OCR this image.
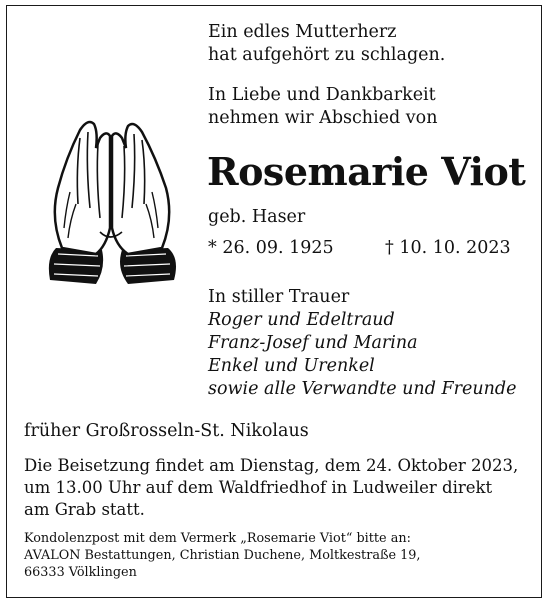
Ein edles Mutterherz
hat aufgehört zu schlagen.
In Liebe und Dankbarkeit
nehmen wir Abschied von
Rosemarie Viot
geb. Haser
* 26. 09. 1925	† 10. 10. 2023
In stiller Trauer
Roger und Edeltraud
Franz-Josef und Marina
Enkel und Urenkel
sowie alle Verwandte und Freunde
früher Großrosseln-St. Nikolaus
Die Beisetzung findet am Dienstag, dem 24. Oktober 2023,
um 13.00 Uhr auf dem Waldfriedhof in Ludweiler direkt
am Grab statt.
Kondolenzpost mit dem Vermerk „Rosemarie Viot“ bitte an:
AVALON Bestattungen, Christian Duchene, Moltkestraße 19,
66333 Völklingen
